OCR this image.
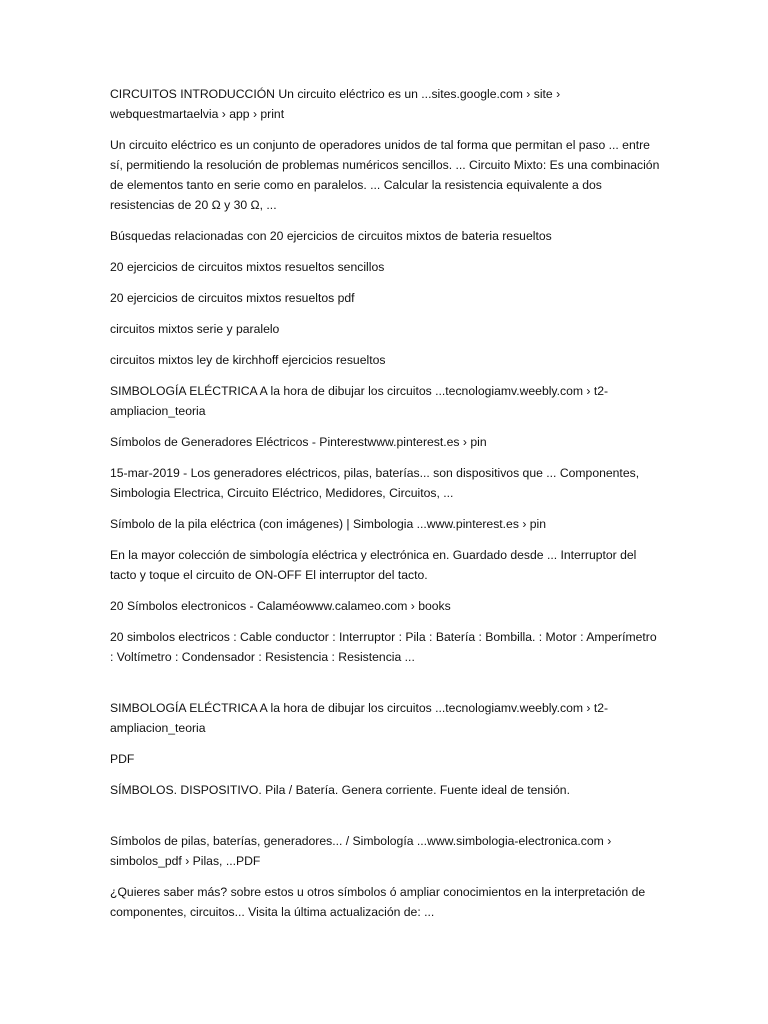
CIRCUITOS INTRODUCCIÓN Un circuito eléctrico es un ...sites.google.com › site › webquestmartaelvia › app › print

Un circuito eléctrico es un conjunto de operadores unidos de tal forma que permitan el paso ... entre sí, permitiendo la resolución de problemas numéricos sencillos. ... Circuito Mixto: Es una combinación de elementos tanto en serie como en paralelos. ... Calcular la resistencia equivalente a dos resistencias de 20 Ω y 30 Ω, ...

Búsquedas relacionadas con 20 ejercicios de circuitos mixtos de bateria resueltos

20 ejercicios de circuitos mixtos resueltos sencillos

20 ejercicios de circuitos mixtos resueltos pdf

circuitos mixtos serie y paralelo

circuitos mixtos ley de kirchhoff ejercicios resueltos

SIMBOLOGÍA ELÉCTRICA A la hora de dibujar los circuitos ...tecnologiamv.weebly.com › t2-ampliacion_teoria

Símbolos de Generadores Eléctricos - Pinterestwww.pinterest.es › pin

15-mar-2019 - Los generadores eléctricos, pilas, baterías... son dispositivos que ... Componentes, Simbologia Electrica, Circuito Eléctrico, Medidores, Circuitos, ...

Símbolo de la pila eléctrica (con imágenes) | Simbologia ...www.pinterest.es › pin

En la mayor colección de simbología eléctrica y electrónica en. Guardado desde ... Interruptor del tacto y toque el circuito de ON-OFF El interruptor del tacto.

20 Símbolos electronicos - Calaméowww.calameo.com › books

20 simbolos electricos : Cable conductor : Interruptor : Pila : Batería : Bombilla. : Motor : Amperímetro : Voltímetro : Condensador : Resistencia : Resistencia ...

SIMBOLOGÍA ELÉCTRICA A la hora de dibujar los circuitos ...tecnologiamv.weebly.com › t2-ampliacion_teoria

PDF

SÍMBOLOS. DISPOSITIVO. Pila / Batería. Genera corriente. Fuente ideal de tensión.

Símbolos de pilas, baterías, generadores... / Simbología ...www.simbologia-electronica.com › simbolos_pdf › Pilas, ...PDF

¿Quieres saber más? sobre estos u otros símbolos ó ampliar conocimientos en la interpretación de componentes, circuitos... Visita la última actualización de: ...
